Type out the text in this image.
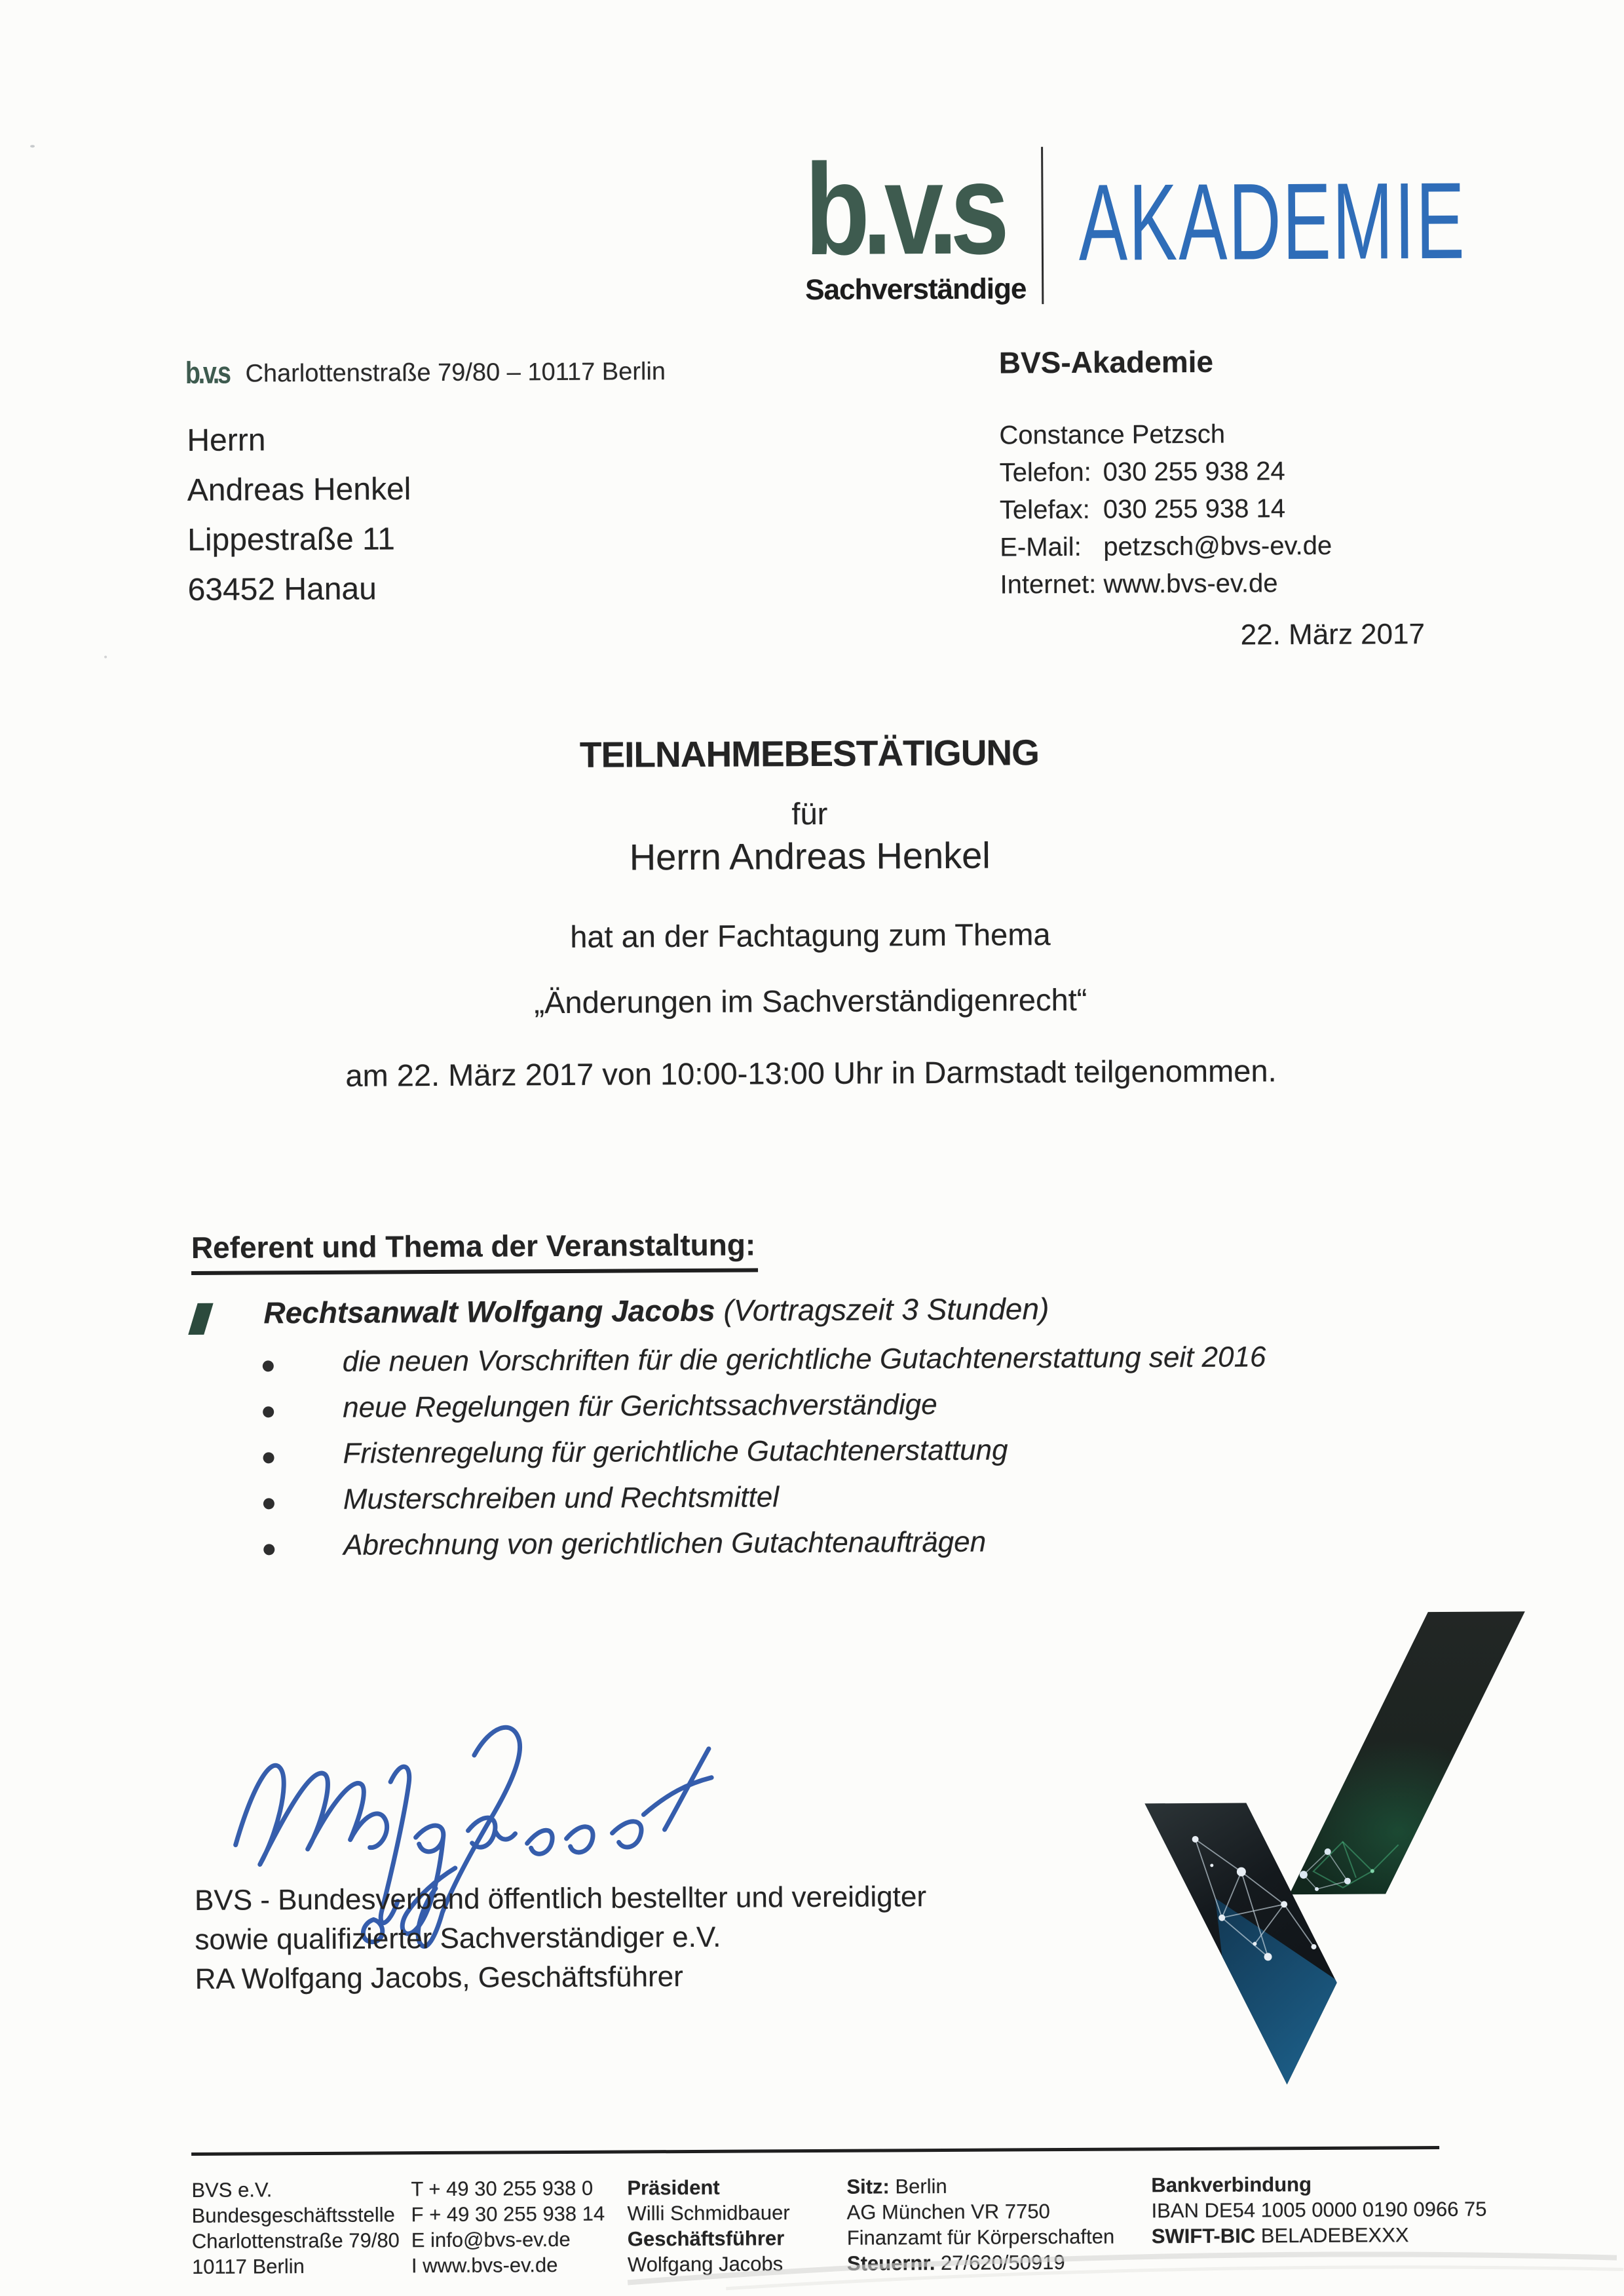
b.v.s
Sachverständige
AKADEMIE
b.v.s Charlottenstraße 79/80 – 10117 Berlin
Herrn
Andreas Henkel
Lippestraße 11
63452 Hanau
BVS-Akademie
Constance Petzsch
Telefon: 030 255 938 24
Telefax: 030 255 938 14
E-Mail: petzsch@bvs-ev.de
Internet: www.bvs-ev.de
22. März 2017
TEILNAHMEBESTÄTIGUNG
für
Herrn Andreas Henkel
hat an der Fachtagung zum Thema
„Änderungen im Sachverständigenrecht“
am 22. März 2017 von 10:00-13:00 Uhr in Darmstadt teilgenommen.
Referent und Thema der Veranstaltung:
Rechtsanwalt Wolfgang Jacobs (Vortragszeit 3 Stunden)
die neuen Vorschriften für die gerichtliche Gutachtenerstattung seit 2016
neue Regelungen für Gerichtssachverständige
Fristenregelung für gerichtliche Gutachtenerstattung
Musterschreiben und Rechtsmittel
Abrechnung von gerichtlichen Gutachtenaufträgen
BVS - Bundesverband öffentlich bestellter und vereidigter
sowie qualifizierter Sachverständiger e.V.
RA Wolfgang Jacobs, Geschäftsführer
BVS e.V.
Bundesgeschäftsstelle
Charlottenstraße 79/80
10117 Berlin
T + 49 30 255 938 0
F + 49 30 255 938 14
E info@bvs-ev.de
I www.bvs-ev.de
Präsident
Willi Schmidbauer
Geschäftsführer
Wolfgang Jacobs
Sitz: Berlin
AG München VR 7750
Finanzamt für Körperschaften
Steuernr. 27/620/50919
Bankverbindung
IBAN DE54 1005 0000 0190 0966 75
SWIFT-BIC BELADEBEXXX
